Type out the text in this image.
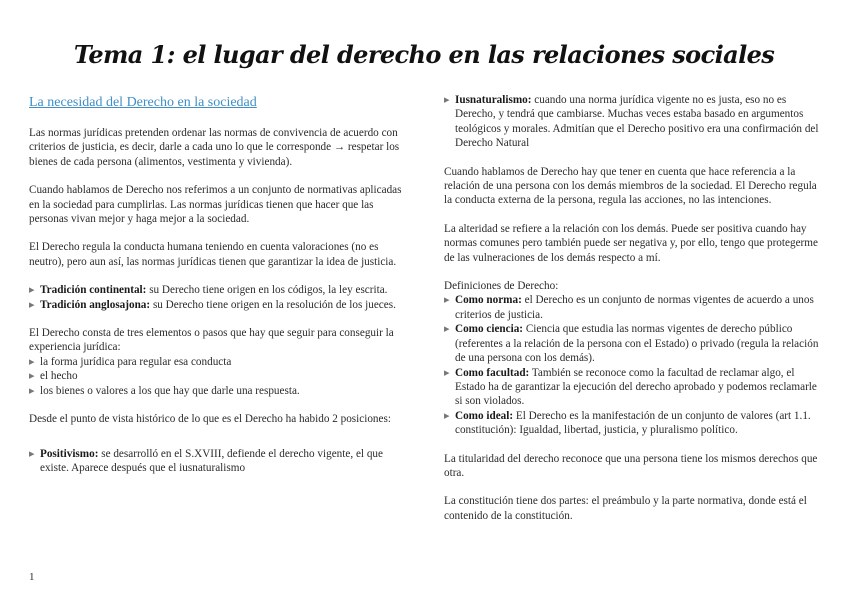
Tema 1: el lugar del derecho en las relaciones sociales
La necesidad del Derecho en la sociedad

Las normas jurídicas pretenden ordenar las normas de convivencia de acuerdo con criterios de justicia, es decir, darle a cada uno lo que le corresponde → respetar los bienes de cada persona (alimentos, vestimenta y vivienda).

Cuando hablamos de Derecho nos referimos a un conjunto de normativas aplicadas en la sociedad para cumplirlas. Las normas jurídicas tienen que hacer que las personas vivan mejor y haga mejor a la sociedad.

El Derecho regula la conducta humana teniendo en cuenta valoraciones (no es neutro), pero aun así, las normas jurídicas tienen que garantizar la idea de justicia.

▸ Tradición continental: su Derecho tiene origen en los códigos, la ley escrita.
▸ Tradición anglosajona: su Derecho tiene origen en la resolución de los jueces.

El Derecho consta de tres elementos o pasos que hay que seguir para conseguir la experiencia jurídica:

▸ la forma jurídica para regular esa conducta
▸ el hecho
▸ los bienes o valores a los que hay que darle una respuesta.

Desde el punto de vista histórico de lo que es el Derecho ha habido 2 posiciones:

▸ Positivismo: se desarrolló en el S.XVIII, defiende el derecho vigente, el que existe. Aparece después que el iusnaturalismo
▸ Iusnaturalismo: cuando una norma jurídica vigente no es justa, eso no es Derecho, y tendrá que cambiarse. Muchas veces estaba basado en argumentos teológicos y morales. Admitían que el Derecho positivo era una confirmación del Derecho Natural

Cuando hablamos de Derecho hay que tener en cuenta que hace referencia a la relación de una persona con los demás miembros de la sociedad. El Derecho regula la conducta externa de la persona, regula las acciones, no las intenciones.

La alteridad se refiere a la relación con los demás. Puede ser positiva cuando hay normas comunes pero también puede ser negativa y, por ello, tengo que protegerme de las vulneraciones de los demás respecto a mí.

Definiciones de Derecho:

▸ Como norma: el Derecho es un conjunto de normas vigentes de acuerdo a unos criterios de justicia.
▸ Como ciencia: Ciencia que estudia las normas vigentes de derecho público (referentes a la relación de la persona con el Estado) o privado (regula la relación de una persona con los demás).
▸ Como facultad: También se reconoce como la facultad de reclamar algo, el Estado ha de garantizar la ejecución del derecho aprobado y podemos reclamarle si son violados.
▸ Como ideal: El Derecho es la manifestación de un conjunto de valores (art 1.1. constitución): Igualdad, libertad, justicia, y pluralismo político.

La titularidad del derecho reconoce que una persona tiene los mismos derechos que otra.

La constitución tiene dos partes: el preámbulo y la parte normativa, donde está el contenido de la constitución.

1
